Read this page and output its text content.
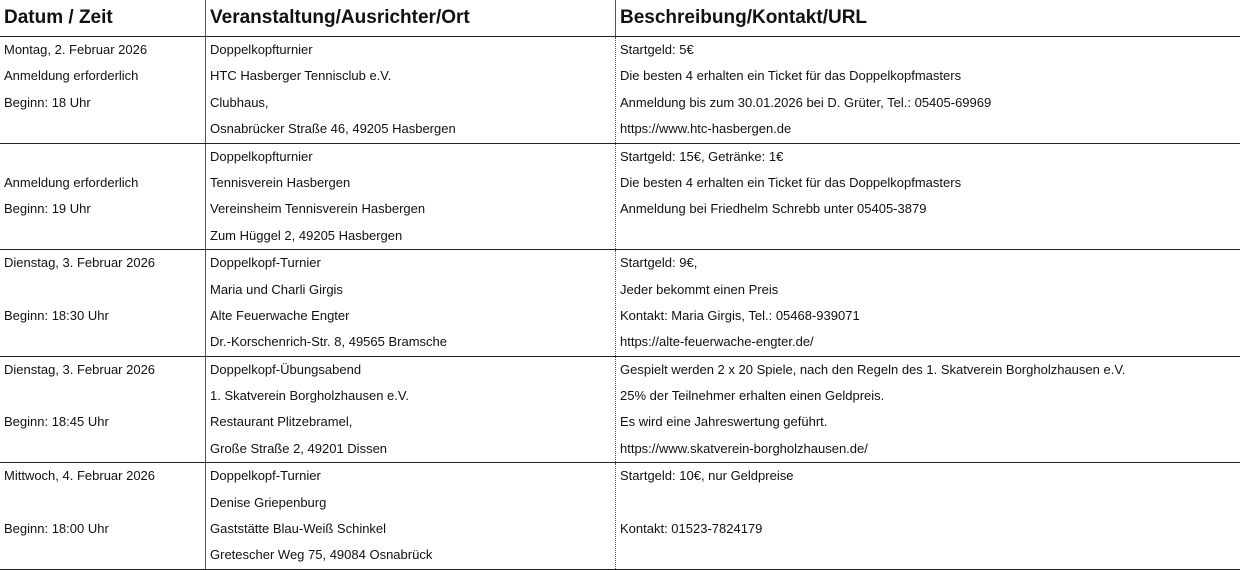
Datum / Zeit	Veranstaltung/Ausrichter/Ort	Beschreibung/Kontakt/URL
Montag, 2. Februar 2026
Anmeldung erforderlich
Beginn: 18 Uhr
Doppelkopfturnier
HTC Hasberger Tennisclub e.V.
Clubhaus,
Osnabrücker Straße 46, 49205 Hasbergen
Startgeld: 5€
Die besten 4 erhalten ein Ticket für das Doppelkopfmasters
Anmeldung bis zum 30.01.2026 bei D. Grüter, Tel.: 05405-69969
https://www.htc-hasbergen.de
Anmeldung erforderlich
Beginn: 19 Uhr
Doppelkopfturnier
Tennisverein Hasbergen
Vereinsheim Tennisverein Hasbergen
Zum Hüggel 2, 49205 Hasbergen
Startgeld: 15€, Getränke: 1€
Die besten 4 erhalten ein Ticket für das Doppelkopfmasters
Anmeldung bei Friedhelm Schrebb unter 05405-3879
Dienstag, 3. Februar 2026
Beginn: 18:30 Uhr
Doppelkopf-Turnier
Maria und Charli Girgis
Alte Feuerwache Engter
Dr.-Korschenrich-Str. 8, 49565 Bramsche
Startgeld: 9€,
Jeder bekommt einen Preis
Kontakt: Maria Girgis, Tel.: 05468-939071
https://alte-feuerwache-engter.de/
Dienstag, 3. Februar 2026
Beginn: 18:45 Uhr
Doppelkopf-Übungsabend
1. Skatverein Borgholzhausen e.V.
Restaurant Plitzebramel,
Große Straße 2, 49201 Dissen
Gespielt werden 2 x 20 Spiele, nach den Regeln des 1. Skatverein Borgholzhausen e.V.
25% der Teilnehmer erhalten einen Geldpreis.
Es wird eine Jahreswertung geführt.
https://www.skatverein-borgholzhausen.de/
Mittwoch, 4. Februar 2026
Beginn: 18:00 Uhr
Doppelkopf-Turnier
Denise Griepenburg
Gaststätte Blau-Weiß Schinkel
Gretescher Weg 75, 49084 Osnabrück
Startgeld: 10€, nur Geldpreise
Kontakt: 01523-7824179
